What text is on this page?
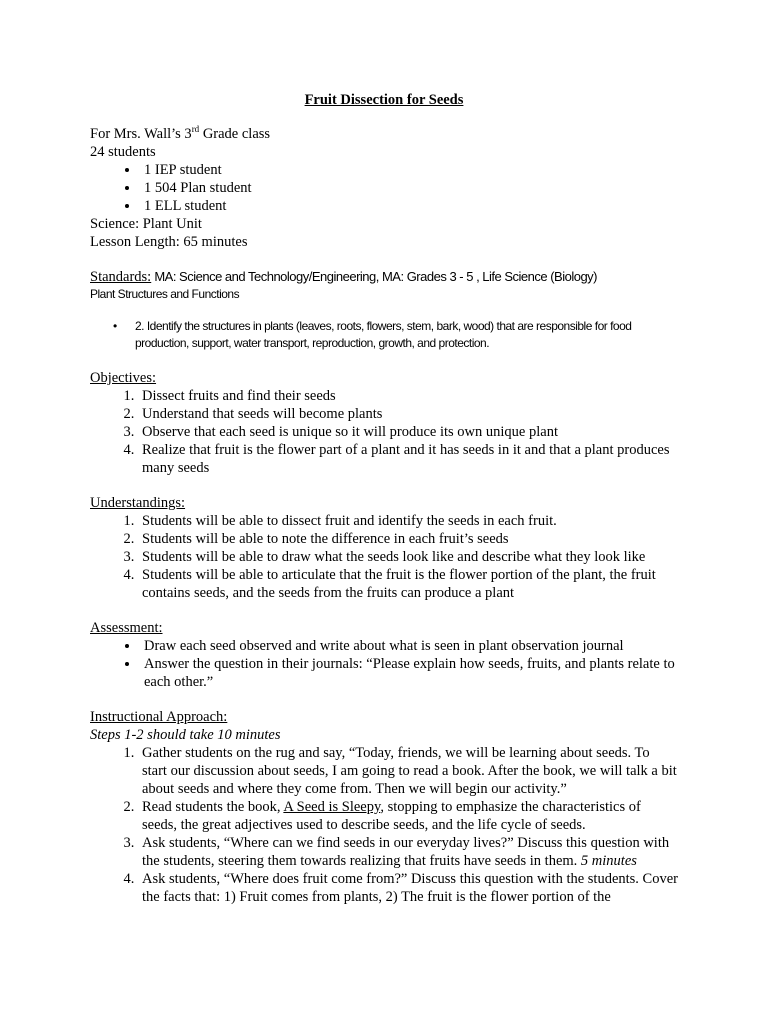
Fruit Dissection for Seeds

For Mrs. Wall’s 3rd Grade class

24 students

• 1 IEP student
• 1 504 Plan student
• 1 ELL student

Science: Plant Unit

Lesson Length: 65 minutes

Standards: MA: Science and Technology/Engineering, MA: Grades 3 - 5 , Life Science (Biology)

Plant Structures and Functions

• 2. Identify the structures in plants (leaves, roots, flowers, stem, bark, wood) that are responsible for food
production, support, water transport, reproduction, growth, and protection.

Objectives:

1. Dissect fruits and find their seeds
2. Understand that seeds will become plants
3. Observe that each seed is unique so it will produce its own unique plant
4. Realize that fruit is the flower part of a plant and it has seeds in it and that a plant produces many seeds

Understandings:

1. Students will be able to dissect fruit and identify the seeds in each fruit.
2. Students will be able to note the difference in each fruit’s seeds
3. Students will be able to draw what the seeds look like and describe what they look like
4. Students will be able to articulate that the fruit is the flower portion of the plant, the fruit contains seeds, and the seeds from the fruits can produce a plant

Assessment:

• Draw each seed observed and write about what is seen in plant observation journal
• Answer the question in their journals: “Please explain how seeds, fruits, and plants relate to each other.”

Instructional Approach:

Steps 1-2 should take 10 minutes

1. Gather students on the rug and say, “Today, friends, we will be learning about seeds. To start our discussion about seeds, I am going to read a book. After the book, we will talk a bit about seeds and where they come from. Then we will begin our activity.”
2. Read students the book, A Seed is Sleepy, stopping to emphasize the characteristics of seeds, the great adjectives used to describe seeds, and the life cycle of seeds.
3. Ask students, “Where can we find seeds in our everyday lives?” Discuss this question with the students, steering them towards realizing that fruits have seeds in them. 5 minutes
4. Ask students, “Where does fruit come from?” Discuss this question with the students. Cover the facts that: 1) Fruit comes from plants, 2) The fruit is the flower portion of the
